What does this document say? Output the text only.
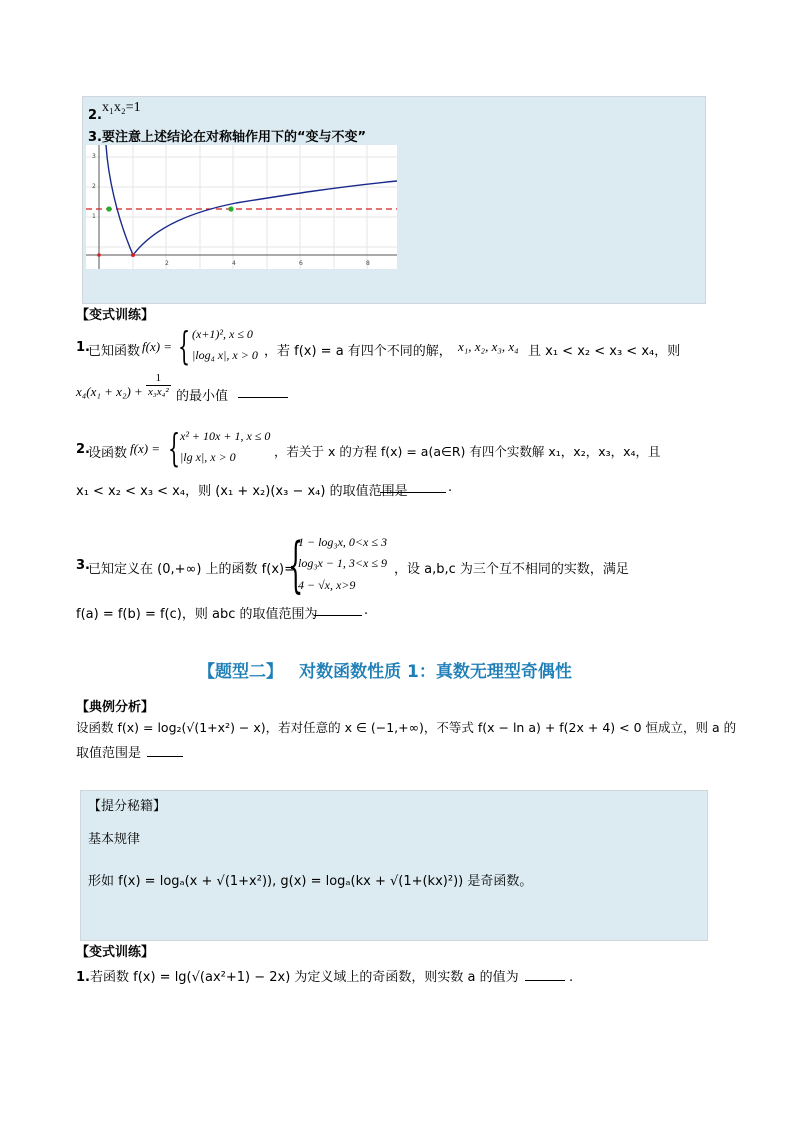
2.x₁x₂=1
3.要注意上述结论在对称轴作用下的“变与不变”
2	4	6	8
3
2
1
【变式训练】
1.
已知函数 f(x) = { (x+1)², x ≤ 0
|log₄ x|, x > 0 ，若 f(x) = a 有四个不同的解， x₁, x₂, x₃, x₄ 且 x₁ < x₂ < x₃ < x₄，则
$x_4(x_1 + x_2) + \frac{1}{\text{x₃x₄²}}$ 的最小值
2.
设函数 f(x) = { x² + 10x + 1, x ≤ 0
|lg x|, x > 0	，若关于 x 的方程 f(x) = a(a∈R) 有四个实数解 x₁，x₂，x₃，x₄，且
x₁ < x₂ < x₃ < x₄，则 (x₁ + x₂)(x₃ − x₄) 的取值范围是	.
3.
已知定义在 (0,+∞) 上的函数 f(x)=
{
1 − log₃x, 0<x ≤ 3
log₃x − 1, 3<x ≤ 9
4 − √x, x>9
，设 a,b,c 为三个互不相同的实数，满足
f(a) = f(b) = f(c)，则 abc 的取值范围为	.
【题型二】 对数函数性质 1：真数无理型奇偶性
【典例分析】
设函数 f(x) = log₂(√(1+x²) − x)，若对任意的 x ∈ (−1,+∞)，不等式 f(x − ln a) + f(2x + 4) < 0 恒成立，则 a 的
取值范围是
【提分秘籍】
基本规律
形如 f(x) = logₐ(x + √(1+x²)), g(x) = logₐ(kx + √(1+(kx)²)) 是奇函数。
【变式训练】
1.若函数 f(x) = lg(√(ax²+1) − 2x) 为定义域上的奇函数，则实数 a 的值为	.
